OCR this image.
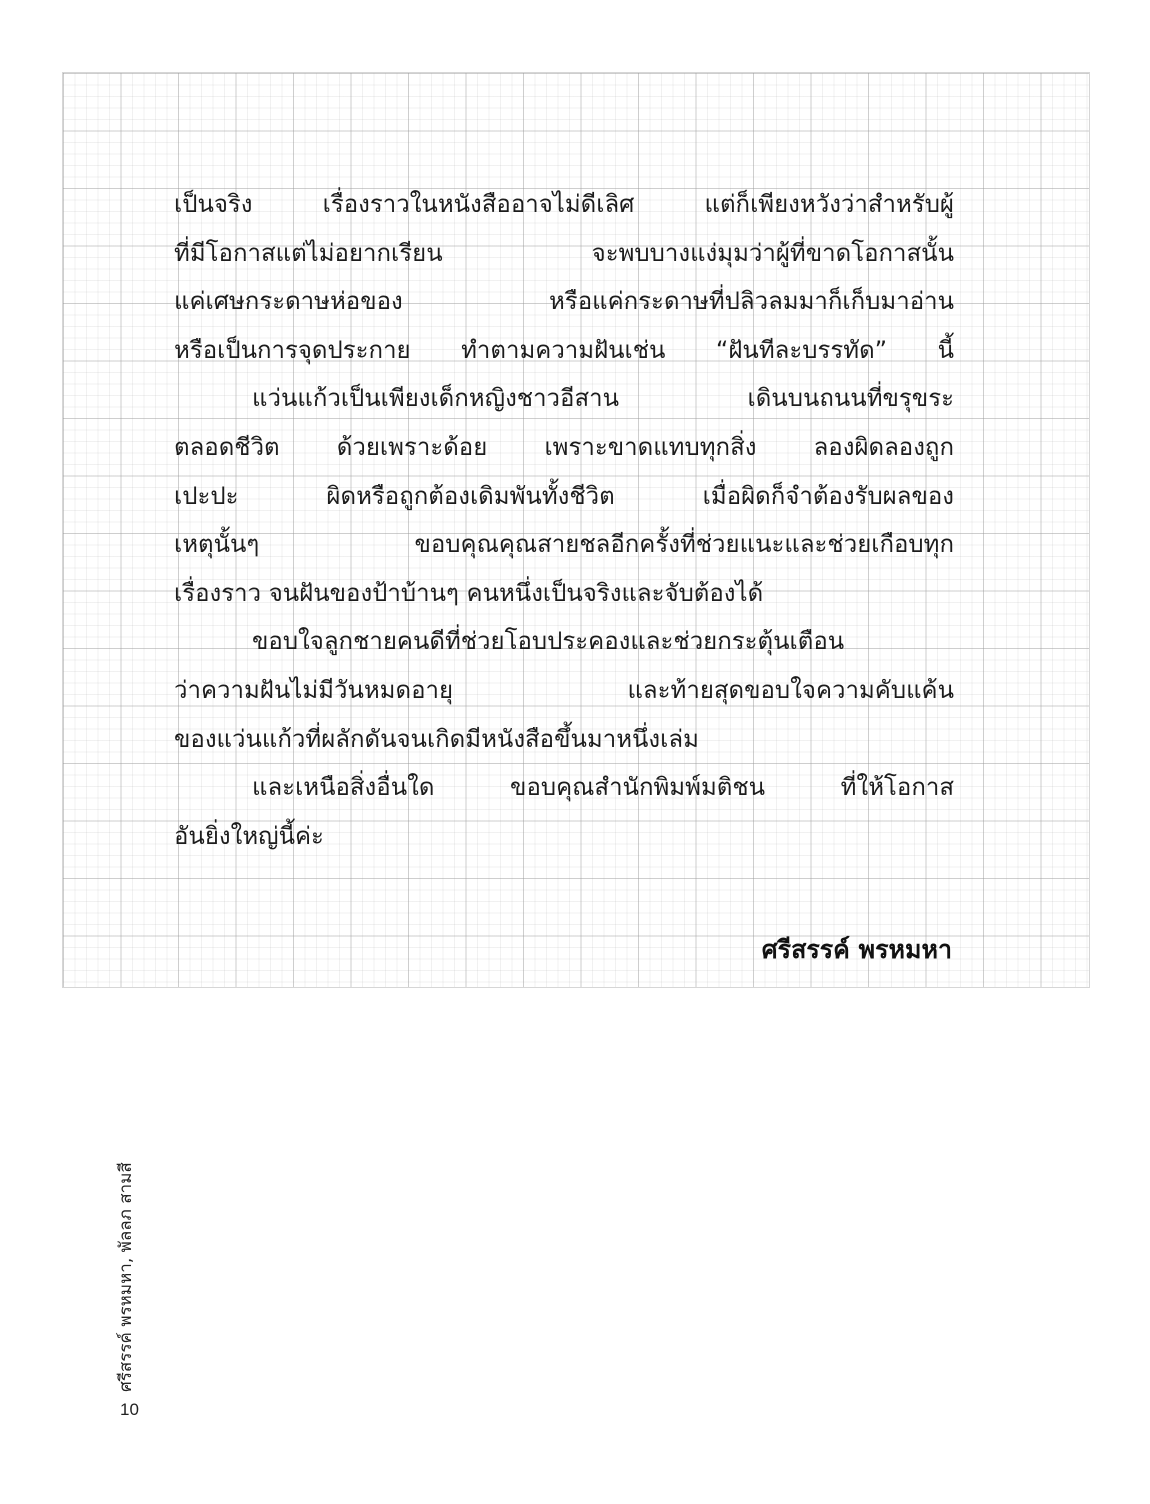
เป็นจริง เรื่องราวในหนังสืออาจไม่ดีเลิศ แต่ก็เพียงหวังว่าสำหรับผู้
ที่มีโอกาสแต่ไม่อยากเรียน จะพบบางแง่มุมว่าผู้ที่ขาดโอกาสนั้น
แค่เศษกระดาษห่อของ หรือแค่กระดาษที่ปลิวลมมาก็เก็บมาอ่าน
หรือเป็นการจุดประกาย ทำตามความฝันเช่น “ฝันทีละบรรทัด” นี้
แว่นแก้วเป็นเพียงเด็กหญิงชาวอีสาน เดินบนถนนที่ขรุขระ
ตลอดชีวิต ด้วยเพราะด้อย เพราะขาดแทบทุกสิ่ง ลองผิดลองถูก
เปะปะ ผิดหรือถูกต้องเดิมพันทั้งชีวิต เมื่อผิดก็จำต้องรับผลของ
เหตุนั้นๆ ขอบคุณคุณสายชลอีกครั้งที่ช่วยแนะและช่วยเกือบทุก
เรื่องราว จนฝันของป้าบ้านๆ คนหนึ่งเป็นจริงและจับต้องได้
ขอบใจลูกชายคนดีที่ช่วยโอบประคองและช่วยกระตุ้นเตือน
ว่าความฝันไม่มีวันหมดอายุ และท้ายสุดขอบใจความคับแค้น
ของแว่นแก้วที่ผลักดันจนเกิดมีหนังสือขึ้นมาหนึ่งเล่ม
และเหนือสิ่งอื่นใด ขอบคุณสำนักพิมพ์มติชน ที่ให้โอกาส
อันยิ่งใหญ่นี้ค่ะ
ศรีสรรค์ พรหมหา
ศรีสรรค์ พรหมหา, พัลลภ สามสี
10
